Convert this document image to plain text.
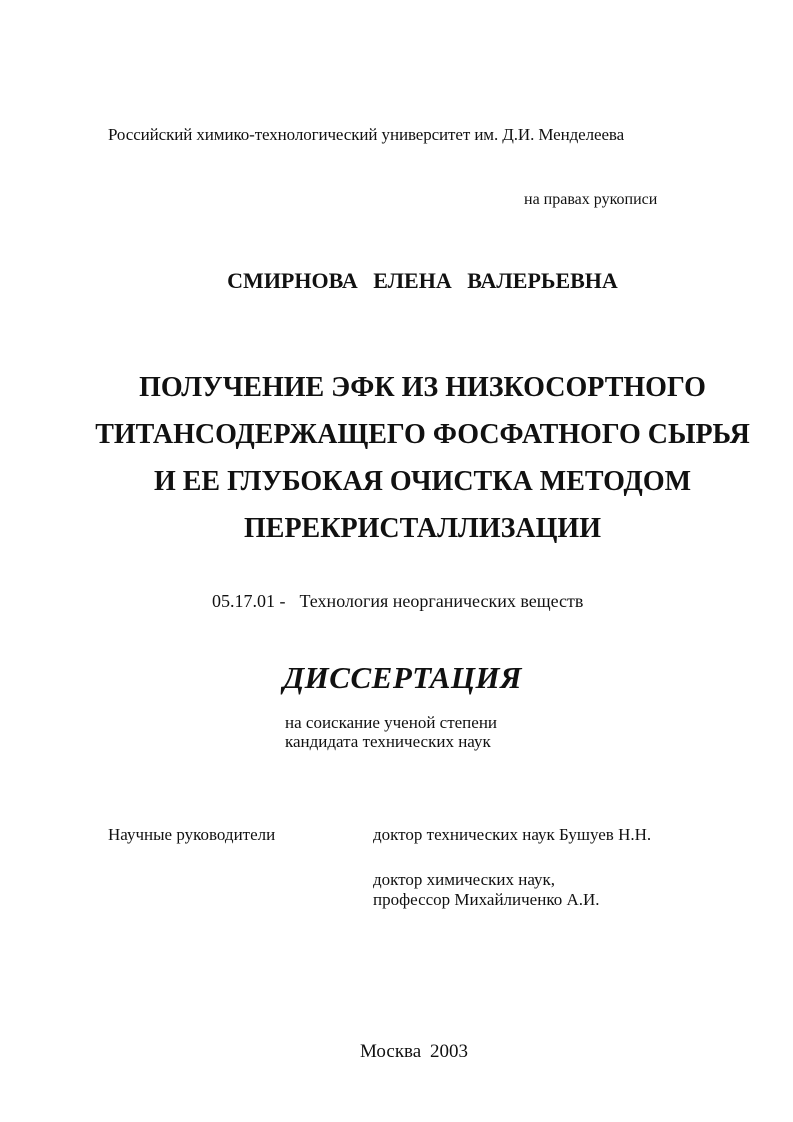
Российский химико-технологический университет им. Д.И. Менделеева
на правах рукописи
СМИРНОВА ЕЛЕНА ВАЛЕРЬЕВНА
ПОЛУЧЕНИЕ ЭФК ИЗ НИЗКОСОРТНОГО
ТИТАНСОДЕРЖАЩЕГО ФОСФАТНОГО СЫРЬЯ
И ЕЕ ГЛУБОКАЯ ОЧИСТКА МЕТОДОМ
ПЕРЕКРИСТАЛЛИЗАЦИИ
05.17.01 - Технология неорганических веществ
ДИССЕРТАЦИЯ
на соискание ученой степени
кандидата технических наук
Научные руководители	доктор технических наук Бушуев Н.Н.
доктор химических наук,
профессор Михайличенко А.И.
Москва 2003
